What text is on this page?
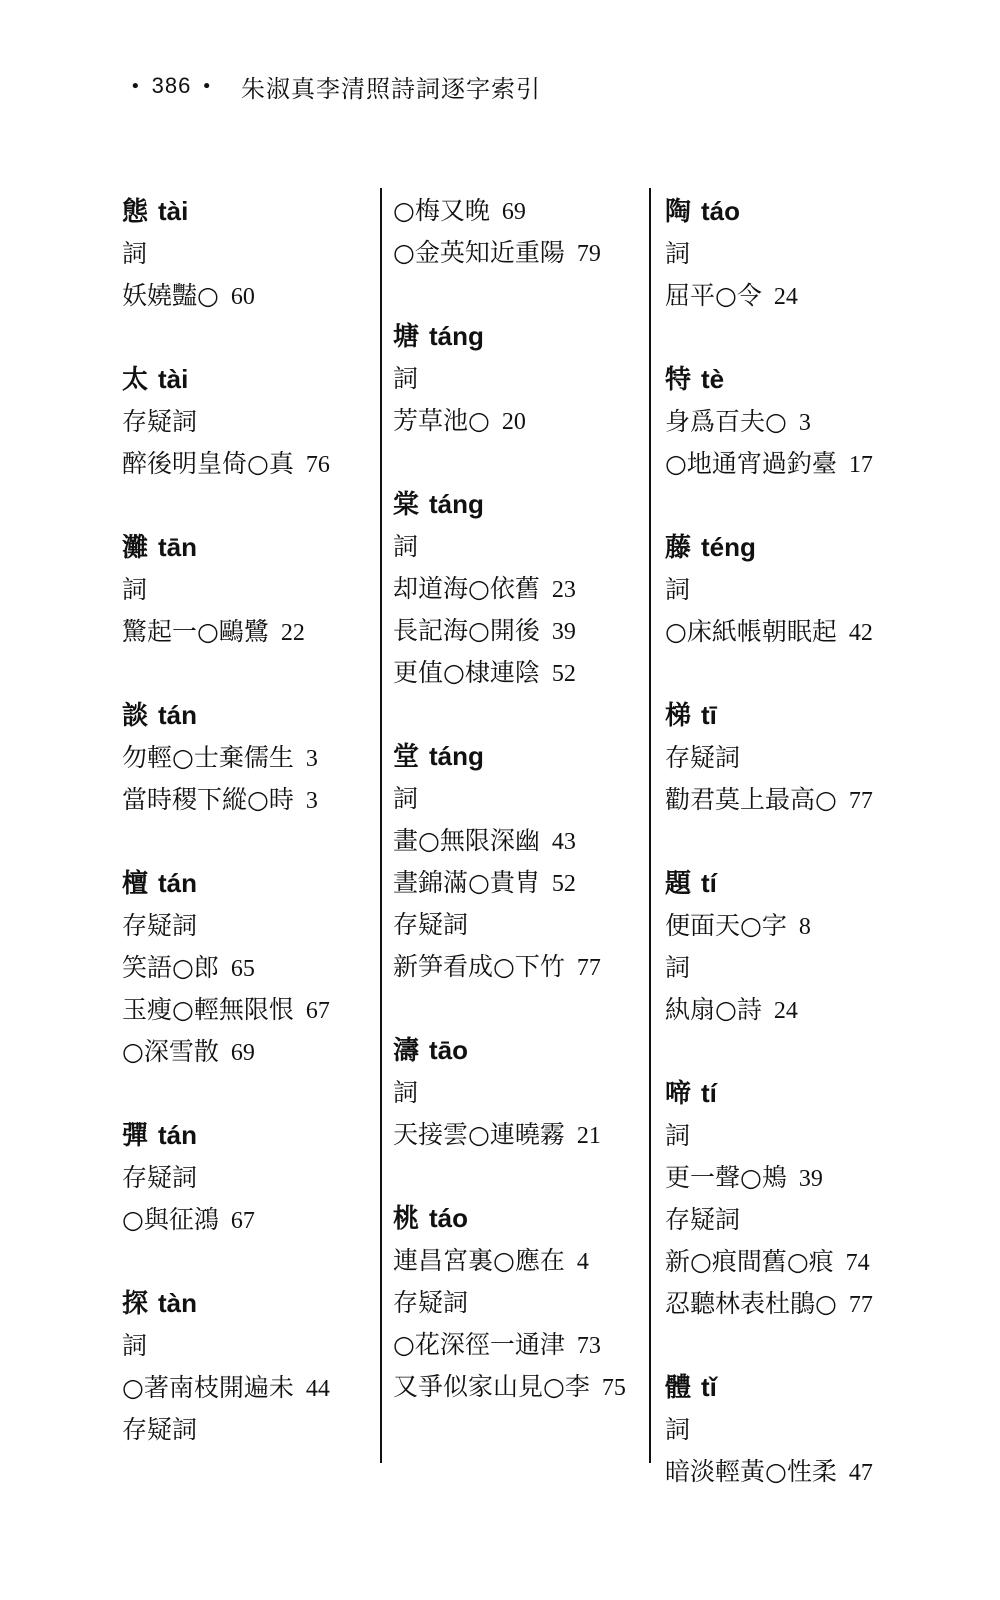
• 386 • 朱淑真李清照詩詞逐字索引
態 tài
詞
妖嬈豔○ 60
太 tài
存疑詞
醉後明皇倚○真 76
灘 tān
詞
驚起一○鷗鷺 22
談 tán
勿輕○士棄儒生 3
當時稷下縱○時 3
檀 tán
存疑詞
笑語○郎 65
玉瘦○輕無限恨 67
○深雪散 69
彈 tán
存疑詞
○與征鴻 67
探 tàn
詞
○著南枝開遍未 44
存疑詞
○梅又晚 69
○金英知近重陽 79
塘 táng
詞
芳草池○ 20
棠 táng
詞
却道海○依舊 23
長記海○開後 39
更值○棣連陰 52
堂 táng
詞
畫○無限深幽 43
晝錦滿○貴胄 52
存疑詞
新笋看成○下竹 77
濤 tāo
詞
天接雲○連曉霧 21
桃 táo
連昌宮裏○應在 4
存疑詞
○花深徑一通津 73
又爭似家山見○李 75
陶 táo
詞
屈平○令 24
特 tè
身爲百夫○ 3
○地通宵過釣臺 17
藤 téng
詞
○床紙帳朝眠起 42
梯 tī
存疑詞
勸君莫上最高○ 77
題 tí
便面天○字 8
詞
紈扇○詩 24
啼 tí
詞
更一聲○鴂 39
存疑詞
新○痕間舊○痕 74
忍聽林表杜鵑○ 77
體 tǐ
詞
暗淡輕黃○性柔 47
